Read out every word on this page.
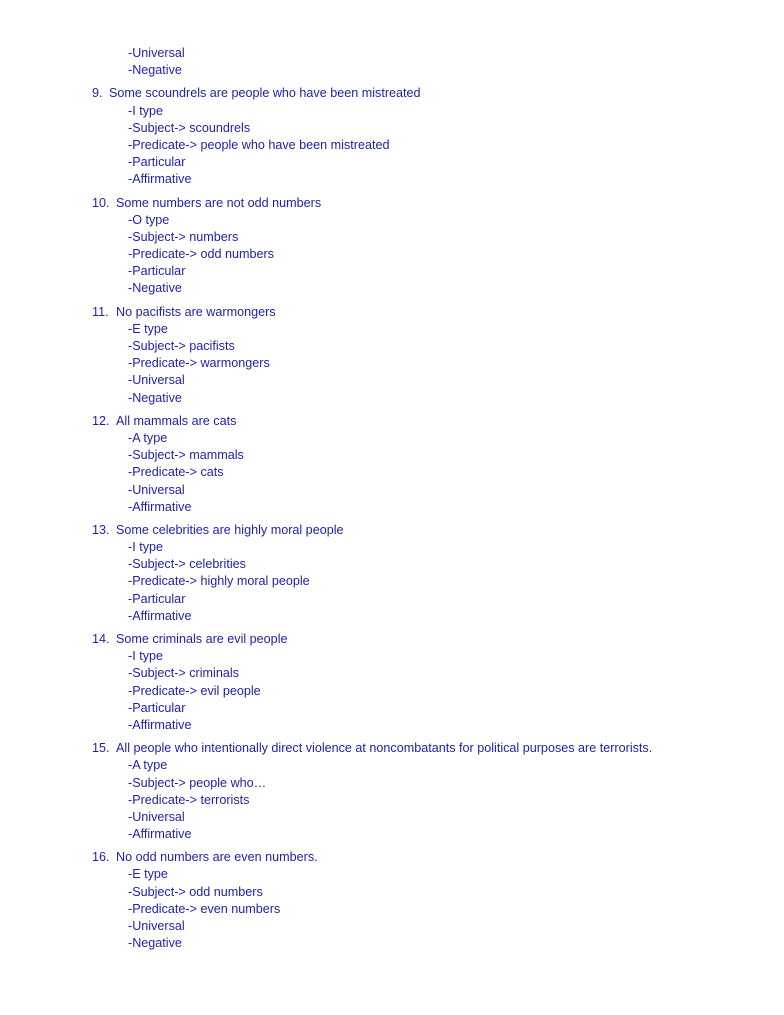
-Universal
-Negative
9. Some scoundrels are people who have been mistreated
-I type
-Subject-> scoundrels
-Predicate-> people who have been mistreated
-Particular
-Affirmative
10. Some numbers are not odd numbers
-O type
-Subject-> numbers
-Predicate-> odd numbers
-Particular
-Negative
11. No pacifists are warmongers
-E type
-Subject-> pacifists
-Predicate-> warmongers
-Universal
-Negative
12. All mammals are cats
-A type
-Subject-> mammals
-Predicate-> cats
-Universal
-Affirmative
13. Some celebrities are highly moral people
-I type
-Subject-> celebrities
-Predicate-> highly moral people
-Particular
-Affirmative
14. Some criminals are evil people
-I type
-Subject-> criminals
-Predicate-> evil people
-Particular
-Affirmative
15. All people who intentionally direct violence at noncombatants for political purposes are terrorists.
-A type
-Subject-> people who…
-Predicate-> terrorists
-Universal
-Affirmative
16. No odd numbers are even numbers.
-E type
-Subject-> odd numbers
-Predicate-> even numbers
-Universal
-Negative
